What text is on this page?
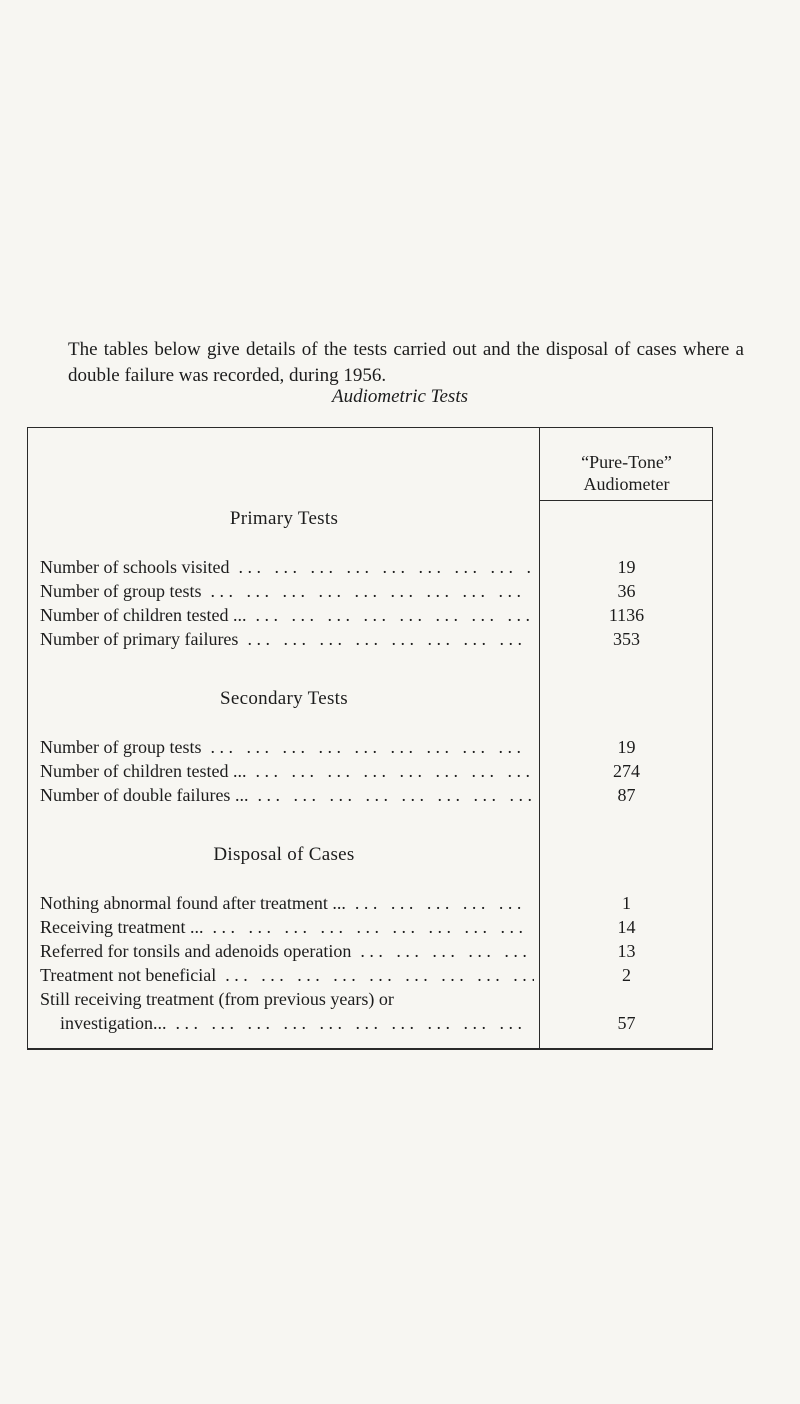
The tables below give details of the tests carried out and the disposal of cases where a double failure was recorded, during 1956.

Audiometric Tests
“Pure-Tone”
Audiometer
Primary Tests
Number of schools visited . . .	19
Number of group tests . . .	36
Number of children tested ... . . .	1136
Number of primary failures . . .	353
Secondary Tests
Number of group tests . . .	19
Number of children tested ... . . .	274
Number of double failures ... . . .	87
Disposal of Cases
Nothing abnormal found after treatment ... . . .	1
Receiving treatment ... . . .	14
Referred for tonsils and adenoids operation . . .	13
Treatment not beneficial . . .	2
Still receiving treatment (from previous years) or
investigation... . . .	57
